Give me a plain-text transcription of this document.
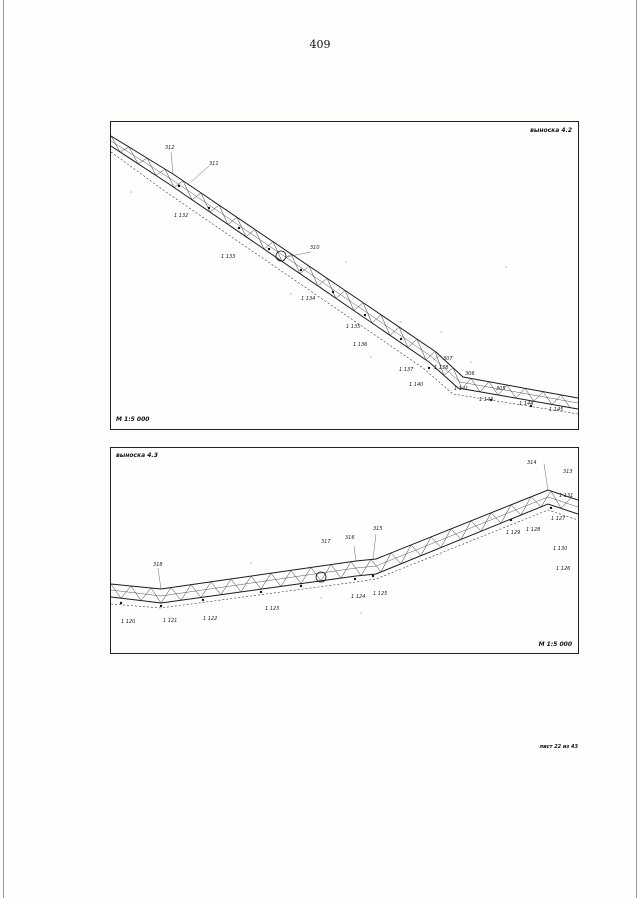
409
312
311
1 132
1 133
310
1 134
1 135
1 136
307
1 137	1 138
306
1 140
1 141	305
1 143
1 144
1 145
выноска 4.2
М 1:5 000
314
313
1 131
1 127
1 128
1 129
1 130
317
316
315
318
1 120	1 121	1 122
1 123
1 124 1 125
1 126
выноска 4.3
М 1:5 000
лист 22 из 43
